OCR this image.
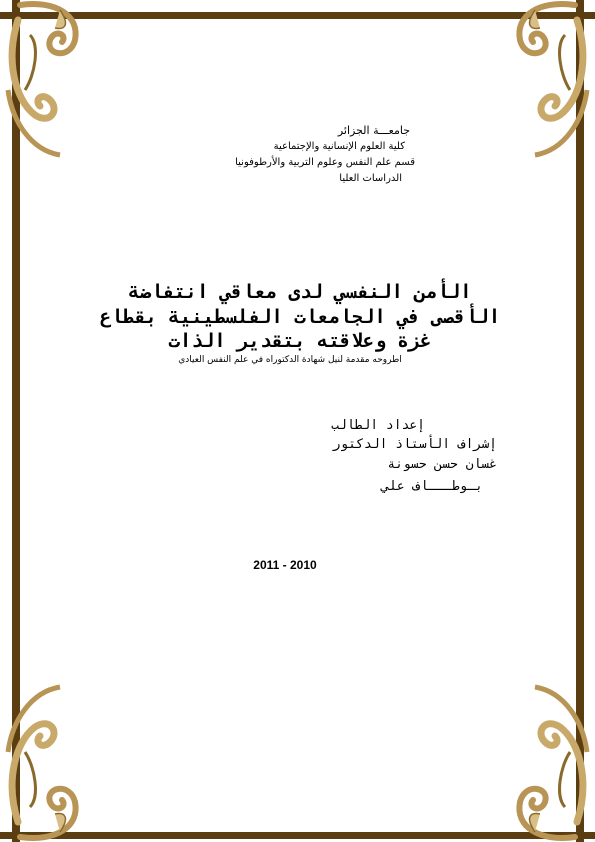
جامعـــة الجزائر
كلية العلوم الإنسانية والإجتماعية
قسم علم النفس وعلوم التربية والأرطوفونيا
الدراسات العليا
الأمن النفسي لدى معاقي انتفاضة
الأقصى في الجامعات الفلسطينية بقطاع
غزة وعلاقته بتقدير الذات
اطروحه مقدمة لنيل شهادة الدكتوراه في علم النفس العيادي
إعداد الطالب
إشراف الأستاذ الدكتور
غسان حسن حسونة
بـوطـــاف علي
2011 - 2010
